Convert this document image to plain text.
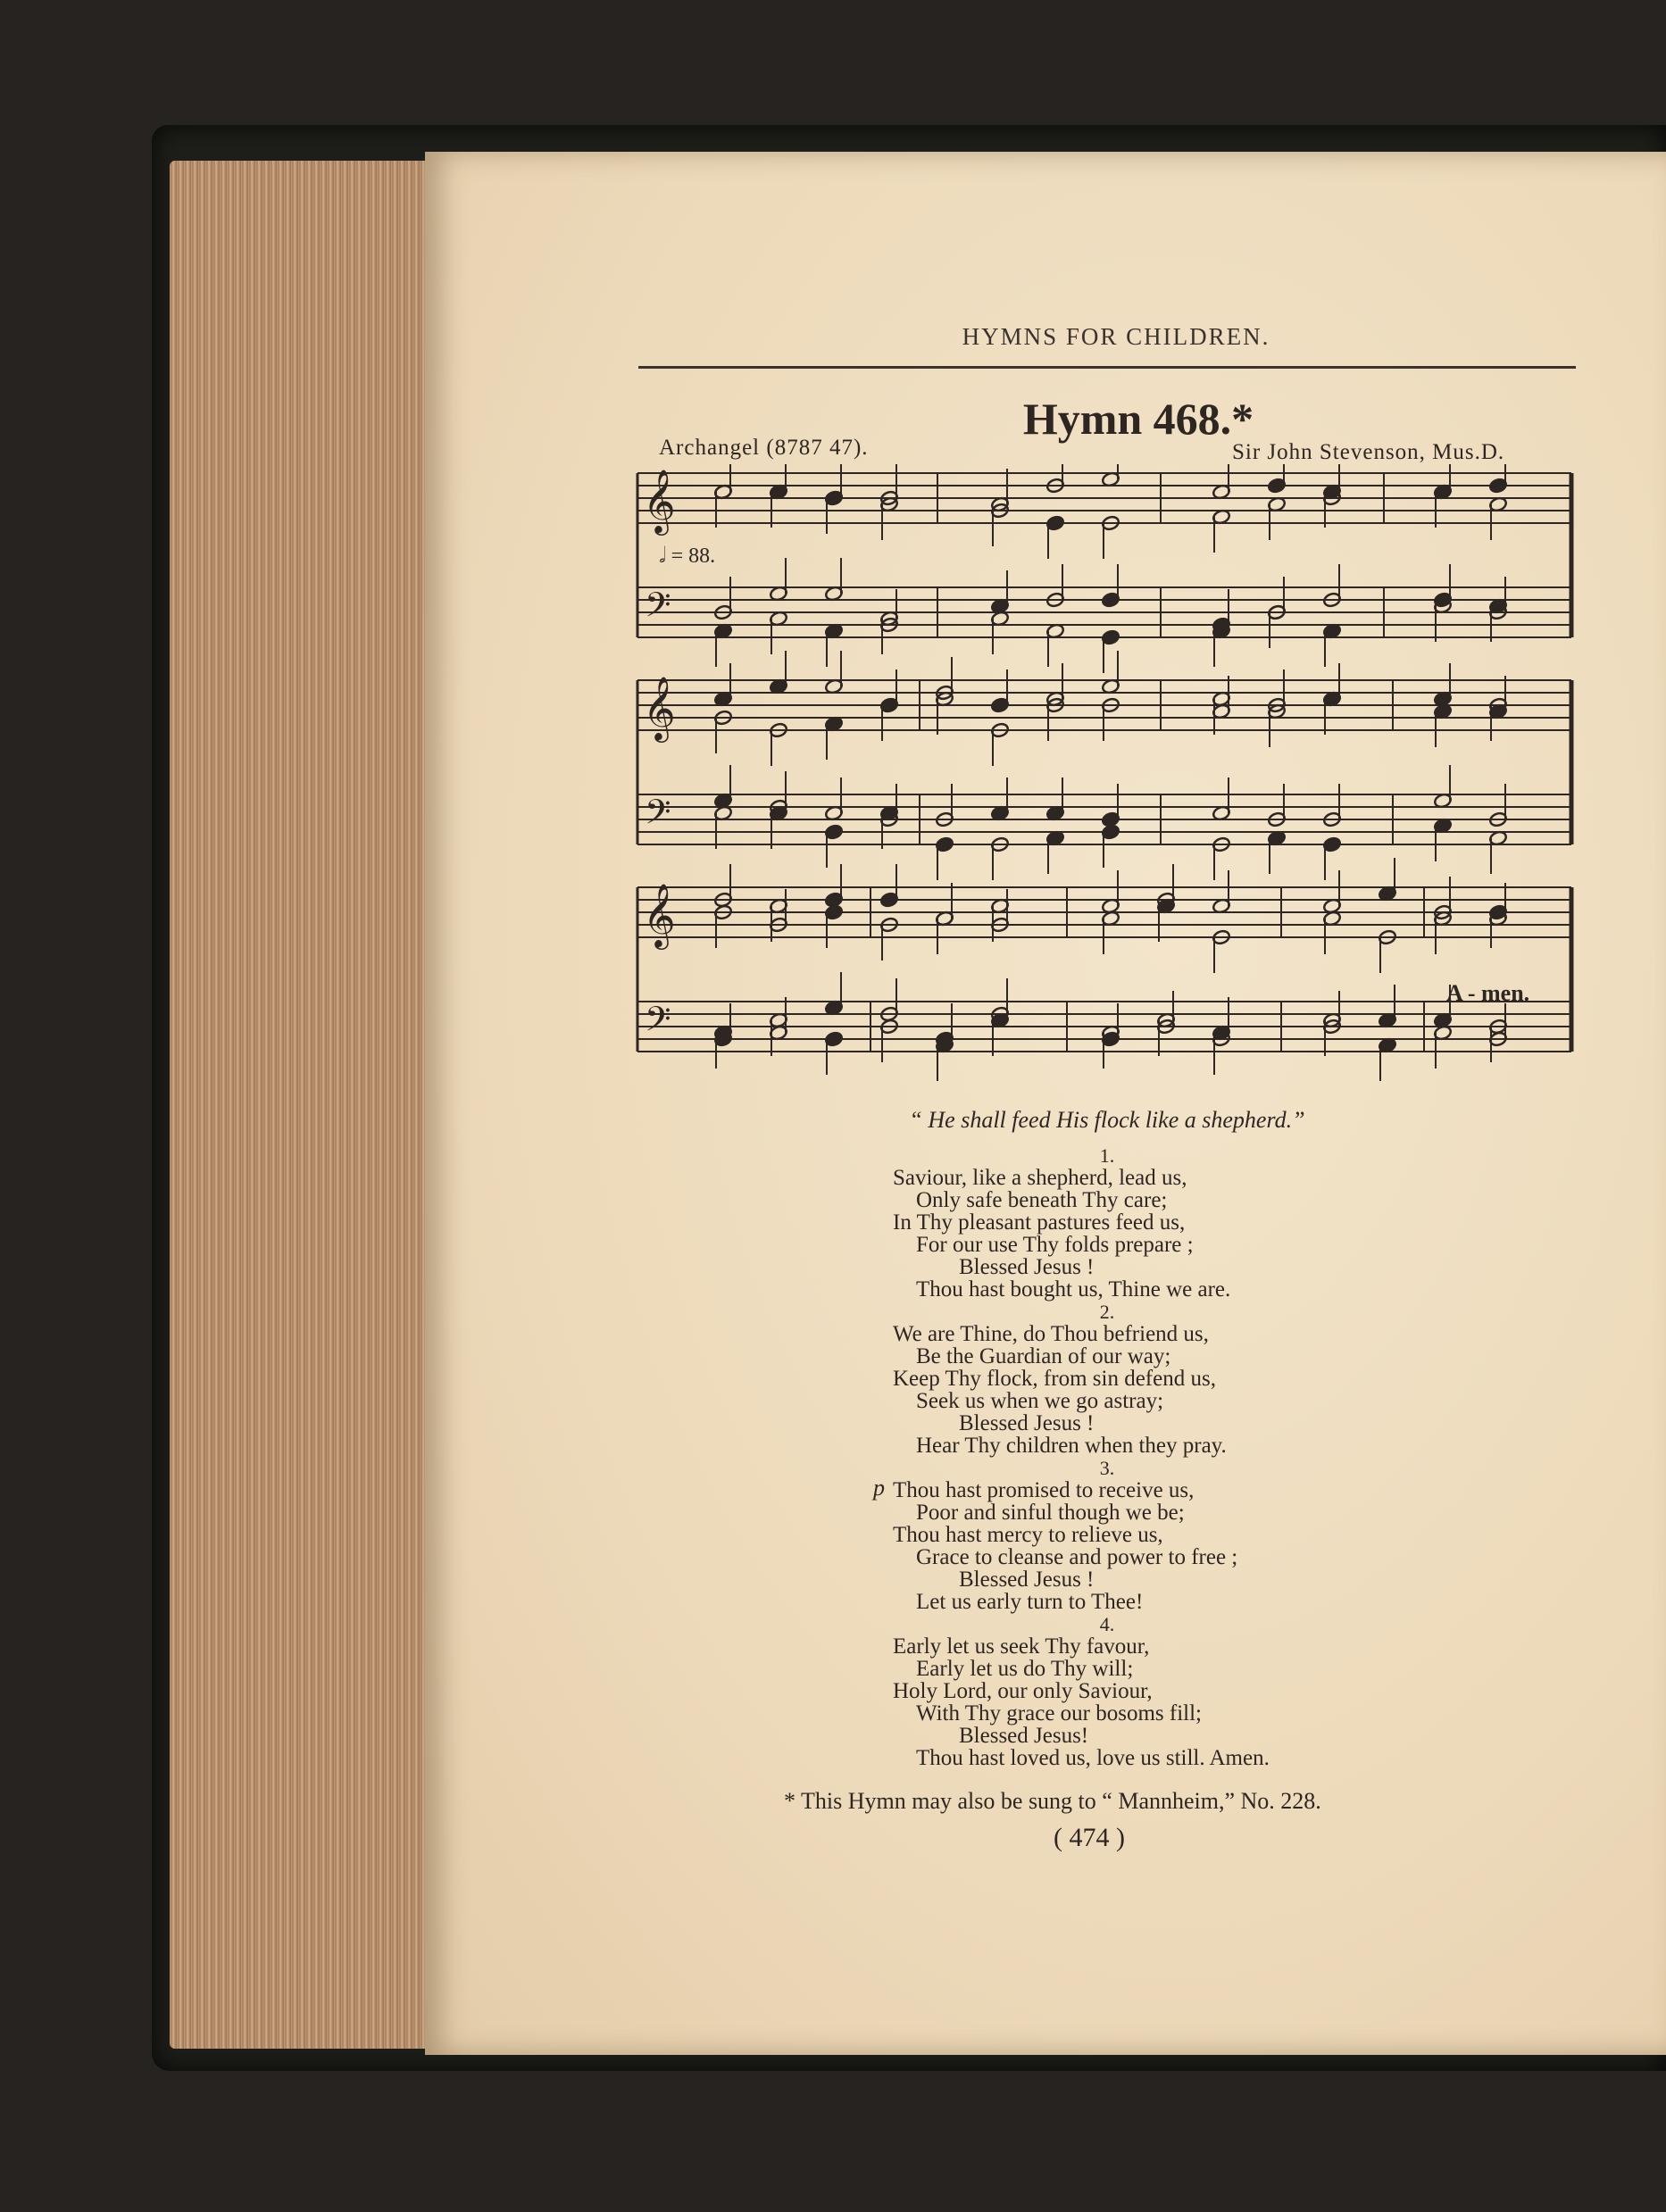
HYMNS FOR CHILDREN.
Hymn 468.*
Archangel (8787 47).	Sir John Stevenson, Mus.D.
𝄞
𝄢
𝄞
𝄢
𝄞
𝄢
𝅗𝅥 = 88.
A - men.
“ He shall feed His flock like a shepherd.”
p
1.
Saviour, like a shepherd, lead us,
Only safe beneath Thy care;
In Thy pleasant pastures feed us,
For our use Thy folds prepare ;
Blessed Jesus !
Thou hast bought us, Thine we are.
2.
We are Thine, do Thou befriend us,
Be the Guardian of our way;
Keep Thy flock, from sin defend us,
Seek us when we go astray;
Blessed Jesus !
Hear Thy children when they pray.
3.
Thou hast promised to receive us,
Poor and sinful though we be;
Thou hast mercy to relieve us,
Grace to cleanse and power to free ;
Blessed Jesus !
Let us early turn to Thee!
4.
Early let us seek Thy favour,
Early let us do Thy will;
Holy Lord, our only Saviour,
With Thy grace our bosoms fill;
Blessed Jesus!
Thou hast loved us, love us still. Amen.
* This Hymn may also be sung to “ Mannheim,” No. 228.
( 474 )
